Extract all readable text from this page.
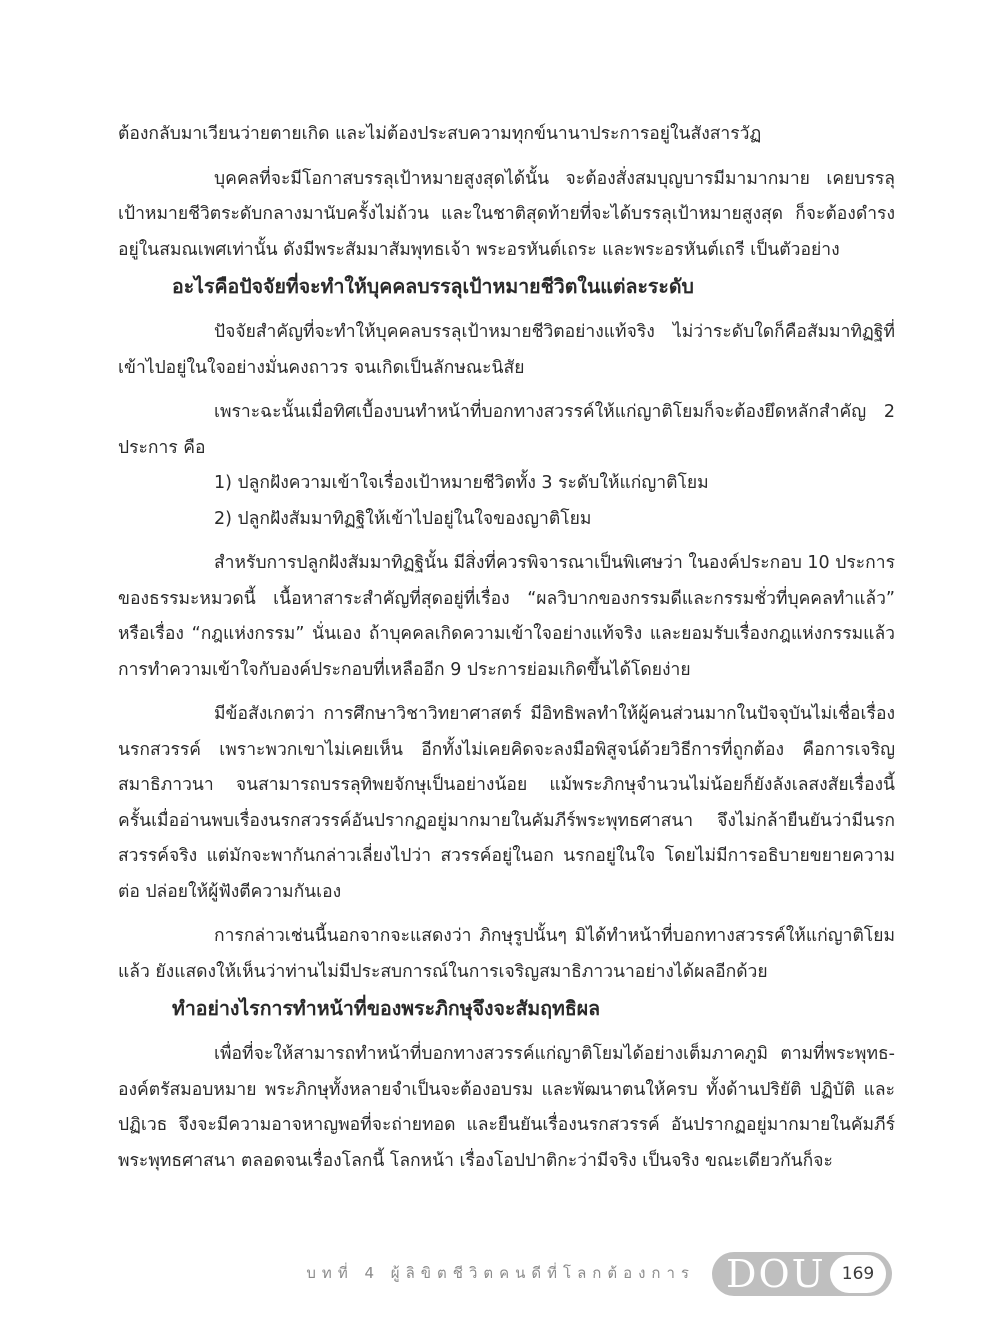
ต้องกลับมาเวียนว่ายตายเกิด และไม่ต้องประสบความทุกข์นานาประการอยู่ในสังสารวัฏ

บุคคลที่จะมีโอกาสบรรลุเป้าหมายสูงสุดได้นั้น จะต้องสั่งสมบุญบารมีมามากมาย เคยบรรลุเป้าหมายชีวิตระดับกลางมานับครั้งไม่ถ้วน และในชาติสุดท้ายที่จะได้บรรลุเป้าหมายสูงสุด ก็จะต้องดำรงอยู่ในสมณเพศเท่านั้น ดังมีพระสัมมาสัมพุทธเจ้า พระอรหันต์เถระ และพระอรหันต์เถรี เป็นตัวอย่าง

อะไรคือปัจจัยที่จะทำให้บุคคลบรรลุเป้าหมายชีวิตในแต่ละระดับ

ปัจจัยสำคัญที่จะทำให้บุคคลบรรลุเป้าหมายชีวิตอย่างแท้จริง ไม่ว่าระดับใดก็คือสัมมาทิฏฐิที่เข้าไปอยู่ในใจอย่างมั่นคงถาวร จนเกิดเป็นลักษณะนิสัย

เพราะฉะนั้นเมื่อทิศเบื้องบนทำหน้าที่บอกทางสวรรค์ให้แก่ญาติโยมก็จะต้องยึดหลักสำคัญ 2 ประการ คือ

1) ปลูกฝังความเข้าใจเรื่องเป้าหมายชีวิตทั้ง 3 ระดับให้แก่ญาติโยม

2) ปลูกฝังสัมมาทิฏฐิให้เข้าไปอยู่ในใจของญาติโยม

สำหรับการปลูกฝังสัมมาทิฏฐินั้น มีสิ่งที่ควรพิจารณาเป็นพิเศษว่า ในองค์ประกอบ 10 ประการของธรรมะหมวดนี้ เนื้อหาสาระสำคัญที่สุดอยู่ที่เรื่อง “ผลวิบากของกรรมดีและกรรมชั่วที่บุคคลทำแล้ว” หรือเรื่อง “กฎแห่งกรรม” นั่นเอง ถ้าบุคคลเกิดความเข้าใจอย่างแท้จริง และยอมรับเรื่องกฎแห่งกรรมแล้ว การทำความเข้าใจกับองค์ประกอบที่เหลืออีก 9 ประการย่อมเกิดขึ้นได้โดยง่าย

มีข้อสังเกตว่า การศึกษาวิชาวิทยาศาสตร์ มีอิทธิพลทำให้ผู้คนส่วนมากในปัจจุบันไม่เชื่อเรื่องนรกสวรรค์ เพราะพวกเขาไม่เคยเห็น อีกทั้งไม่เคยคิดจะลงมือพิสูจน์ด้วยวิธีการที่ถูกต้อง คือการเจริญสมาธิภาวนา จนสามารถบรรลุทิพยจักษุเป็นอย่างน้อย แม้พระภิกษุจำนวนไม่น้อยก็ยังลังเลสงสัยเรื่องนี้ ครั้นเมื่ออ่านพบเรื่องนรกสวรรค์อันปรากฏอยู่มากมายในคัมภีร์พระพุทธศาสนา จึงไม่กล้ายืนยันว่ามีนรกสวรรค์จริง แต่มักจะพากันกล่าวเลี่ยงไปว่า สวรรค์อยู่ในอก นรกอยู่ในใจ โดยไม่มีการอธิบายขยายความต่อ ปล่อยให้ผู้ฟังตีความกันเอง

การกล่าวเช่นนี้นอกจากจะแสดงว่า ภิกษุรูปนั้นๆ มิได้ทำหน้าที่บอกทางสวรรค์ให้แก่ญาติโยมแล้ว ยังแสดงให้เห็นว่าท่านไม่มีประสบการณ์ในการเจริญสมาธิภาวนาอย่างได้ผลอีกด้วย

ทำอย่างไรการทำหน้าที่ของพระภิกษุจึงจะสัมฤทธิผล

เพื่อที่จะให้สามารถทำหน้าที่บอกทางสวรรค์แก่ญาติโยมได้อย่างเต็มภาคภูมิ ตามที่พระพุทธ-องค์ตรัสมอบหมาย พระภิกษุทั้งหลายจำเป็นจะต้องอบรม และพัฒนาตนให้ครบ ทั้งด้านปริยัติ ปฏิบัติ และปฏิเวธ จึงจะมีความอาจหาญพอที่จะถ่ายทอด และยืนยันเรื่องนรกสวรรค์ อันปรากฏอยู่มากมายในคัมภีร์พระพุทธศาสนา ตลอดจนเรื่องโลกนี้ โลกหน้า เรื่องโอปปาติกะว่ามีจริง เป็นจริง ขณะเดียวกันก็จะ

บทที่ 4 ผู้ลิขิตชีวิตคนดีที่โลกต้องการ DOU 169
